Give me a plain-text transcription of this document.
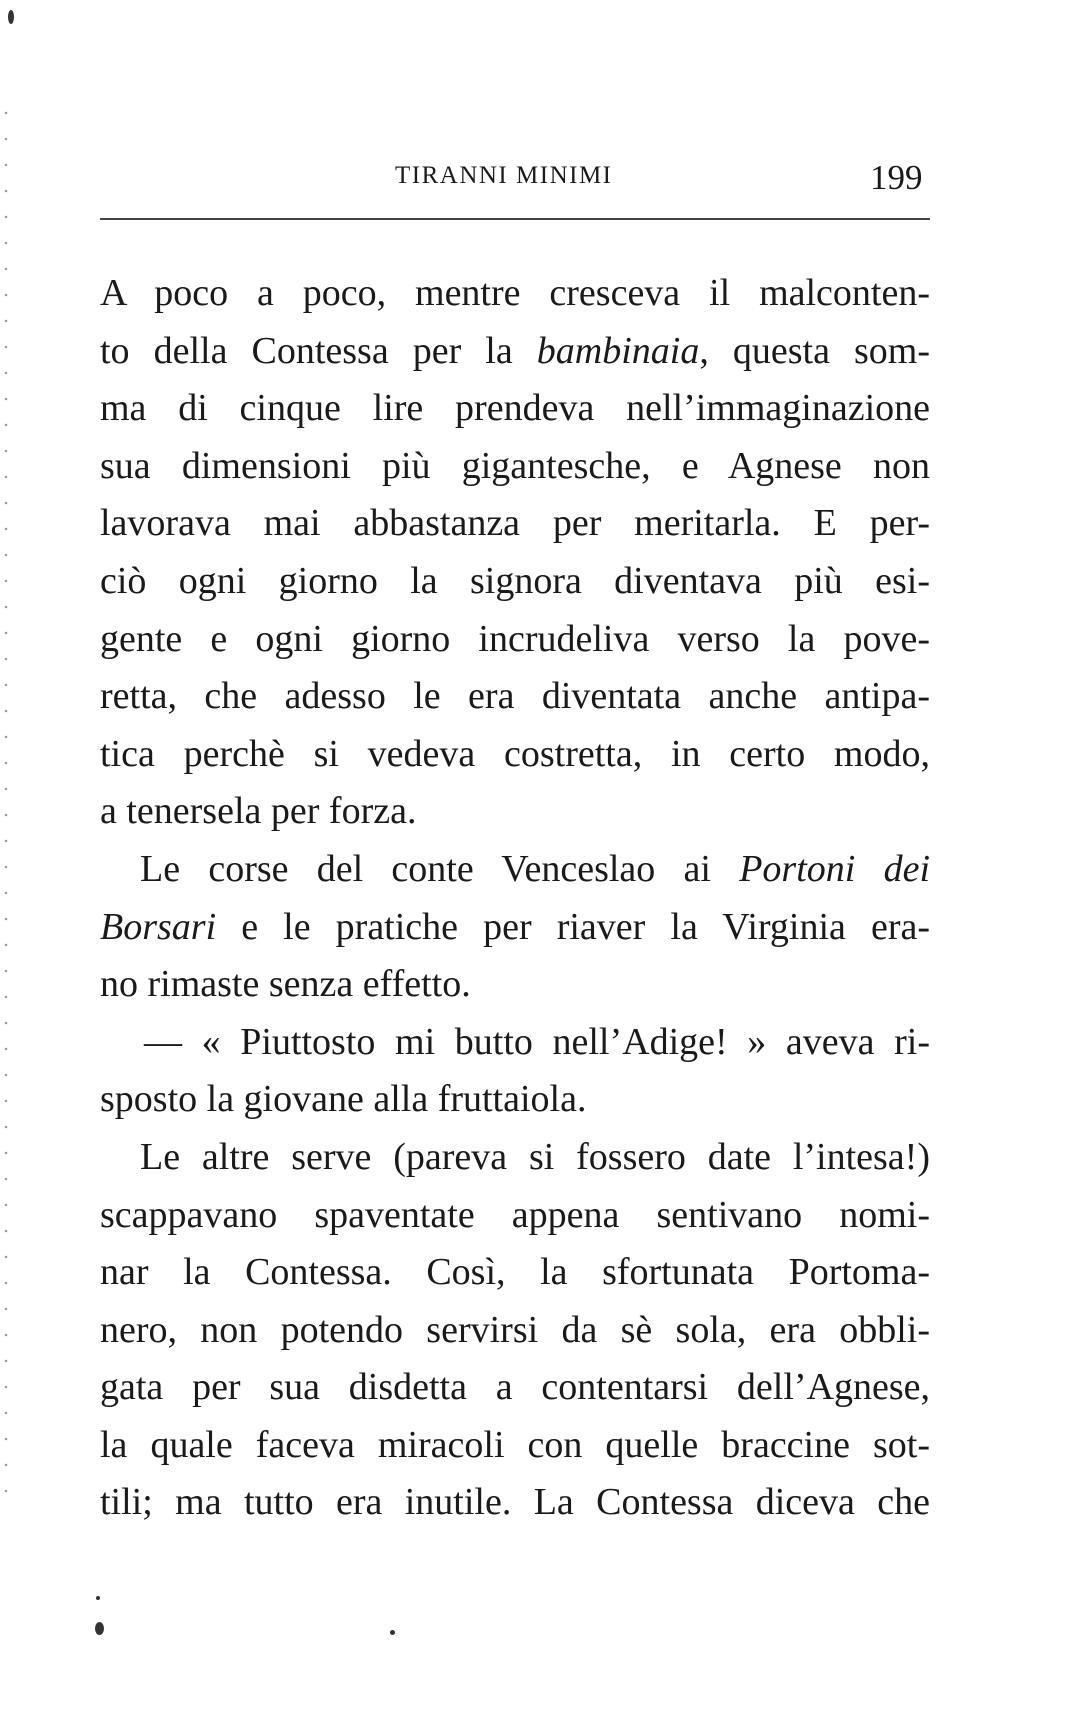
TIRANNI MINIMI	199
A poco a poco, mentre cresceva il malconten-
to della Contessa per la bambinaia, questa som-
ma di cinque lire prendeva nell’immaginazione
sua dimensioni più gigantesche, e Agnese non
lavorava mai abbastanza per meritarla. E per-
ciò ogni giorno la signora diventava più esi-
gente e ogni giorno incrudeliva verso la pove-
retta, che adesso le era diventata anche antipa-
tica perchè si vedeva costretta, in certo modo,
a tenersela per forza.
Le corse del conte Venceslao ai Portoni dei
Borsari e le pratiche per riaver la Virginia era-
no rimaste senza effetto.
— « Piuttosto mi butto nell’Adige! » aveva ri-
sposto la giovane alla fruttaiola.
Le altre serve (pareva si fossero date l’intesa!)
scappavano spaventate appena sentivano nomi-
nar la Contessa. Così, la sfortunata Portoma-
nero, non potendo servirsi da sè sola, era obbli-
gata per sua disdetta a contentarsi dell’Agnese,
la quale faceva miracoli con quelle braccine sot-
tili; ma tutto era inutile. La Contessa diceva che
